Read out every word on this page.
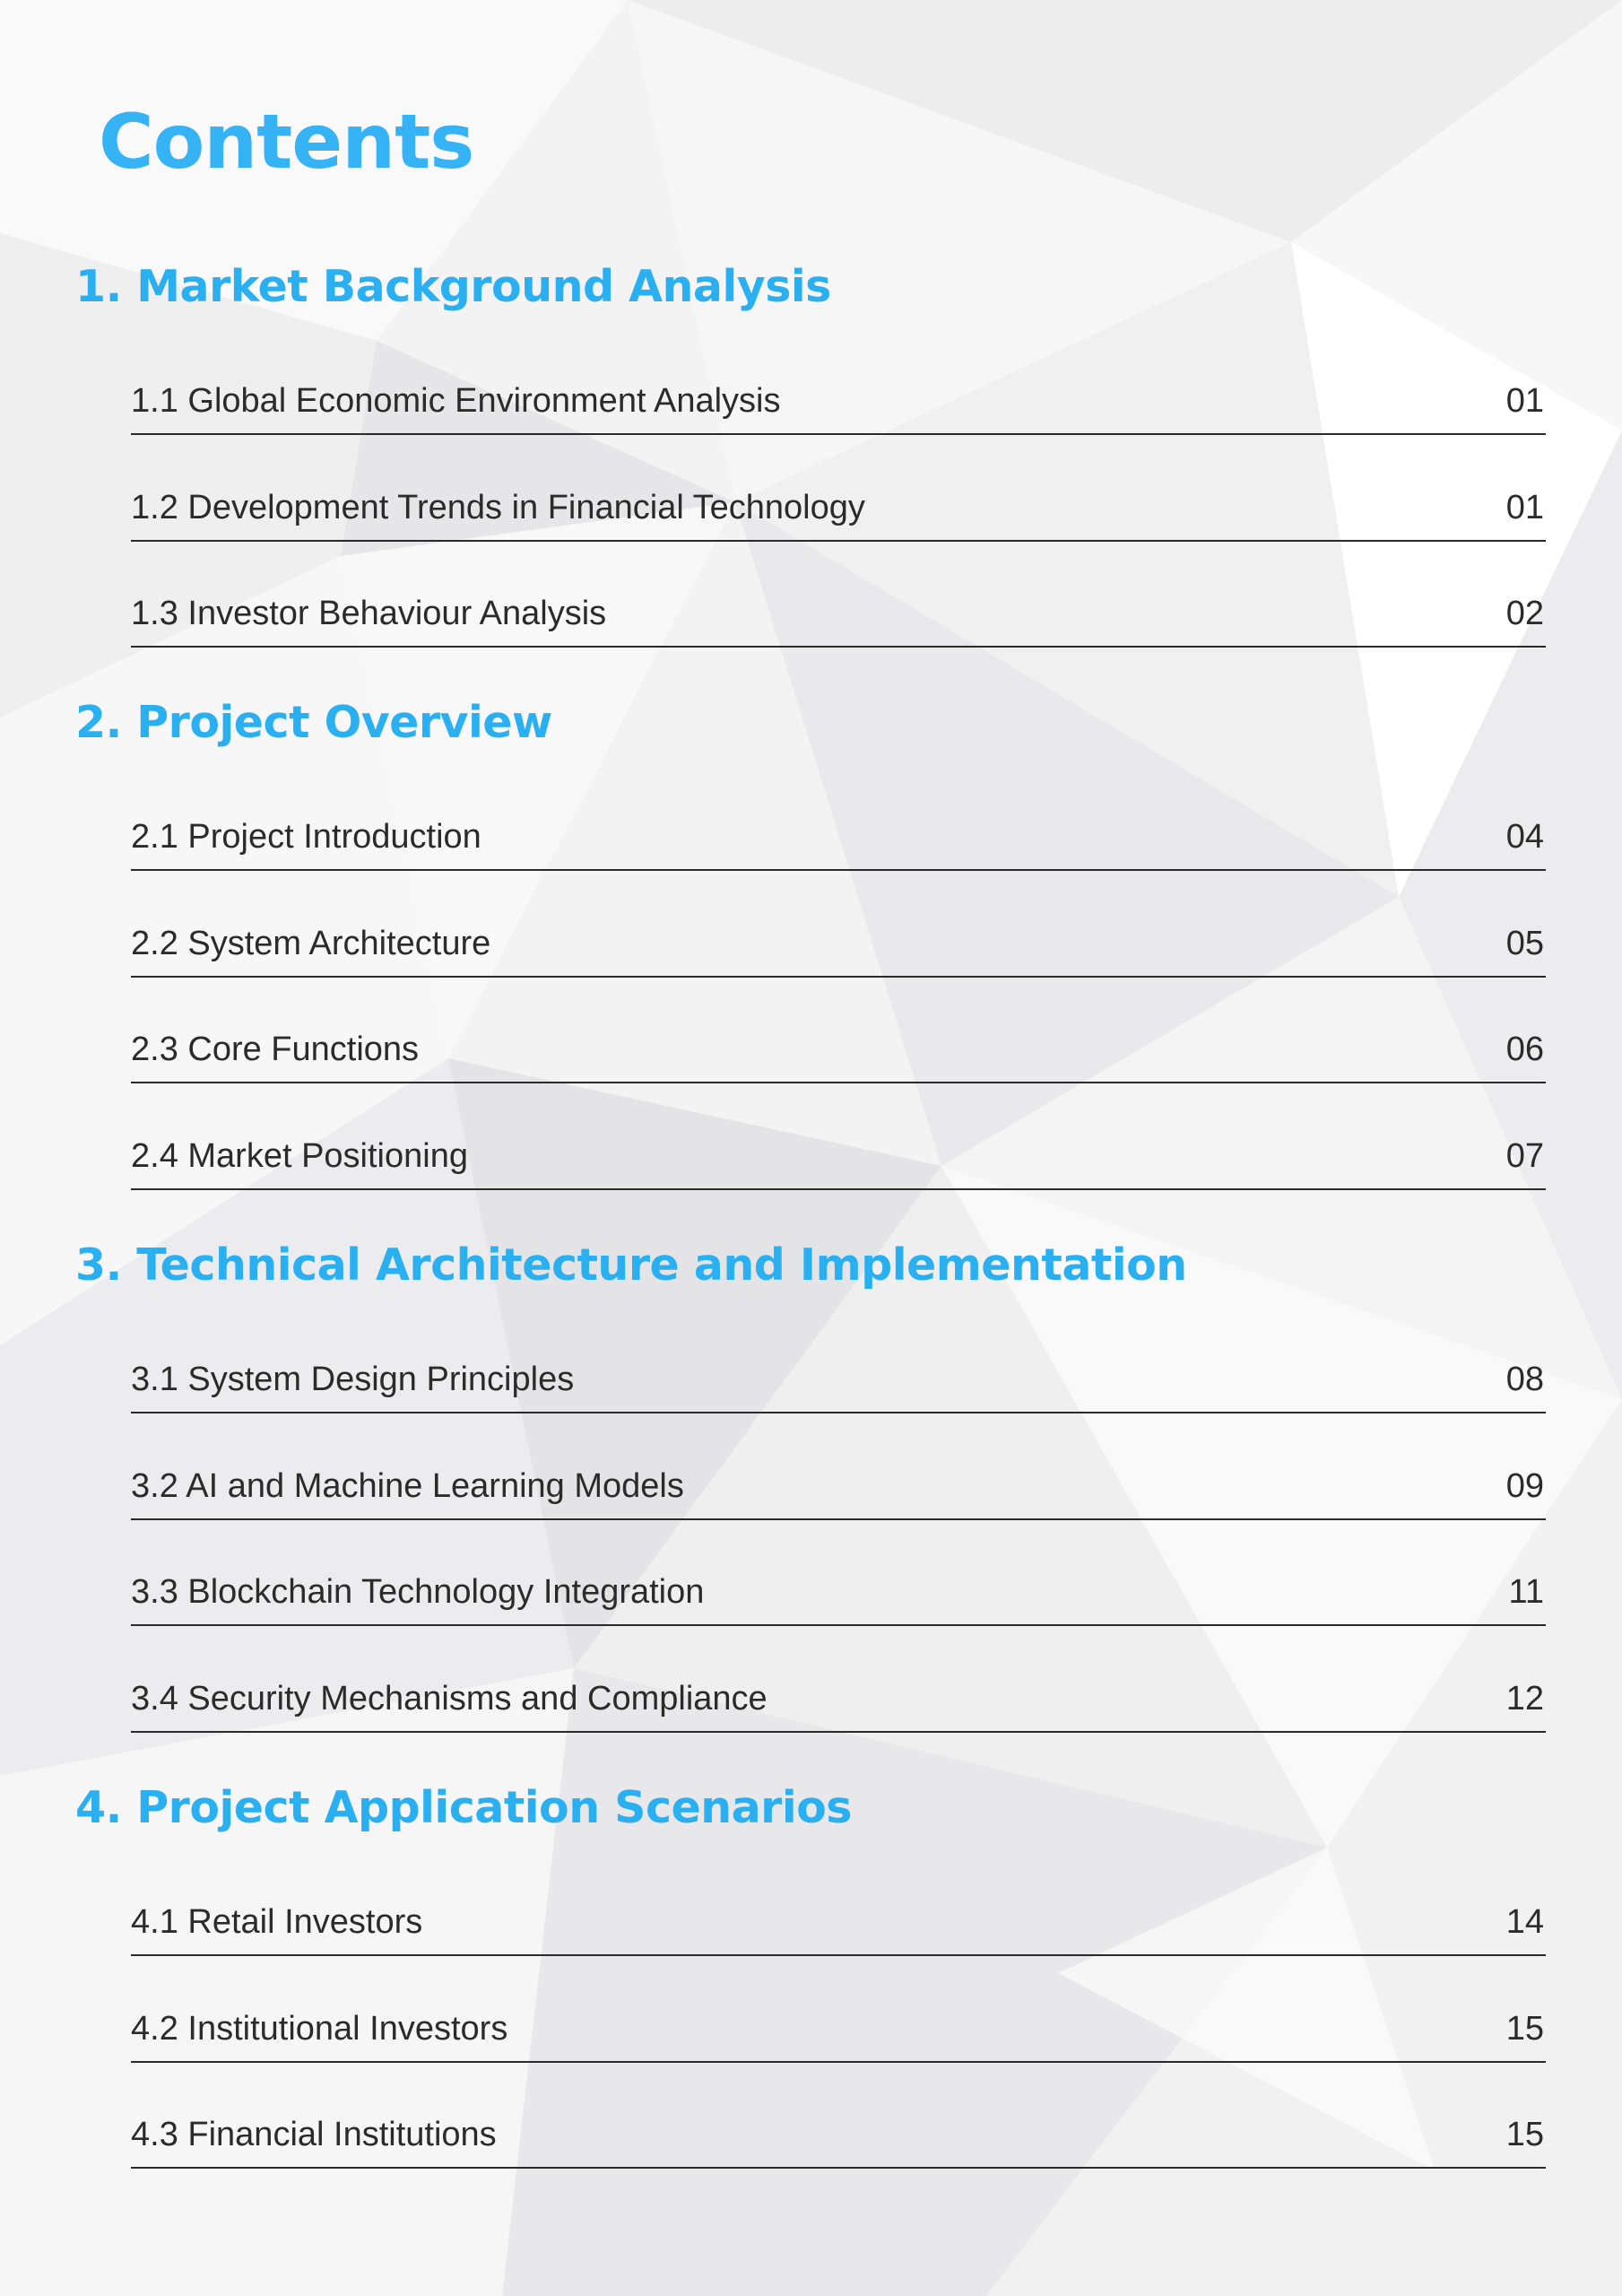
Contents
1. Market Background Analysis
1.1 Global Economic Environment Analysis	01
1.2 Development Trends in Financial Technology	01
1.3 Investor Behaviour Analysis	02
2. Project Overview
2.1 Project Introduction	04
2.2 System Architecture	05
2.3 Core Functions	06
2.4 Market Positioning	07
3. Technical Architecture and Implementation
3.1 System Design Principles	08
3.2 AI and Machine Learning Models	09
3.3 Blockchain Technology Integration	11
3.4 Security Mechanisms and Compliance	12
4. Project Application Scenarios
4.1 Retail Investors	14
4.2 Institutional Investors	15
4.3 Financial Institutions	15
